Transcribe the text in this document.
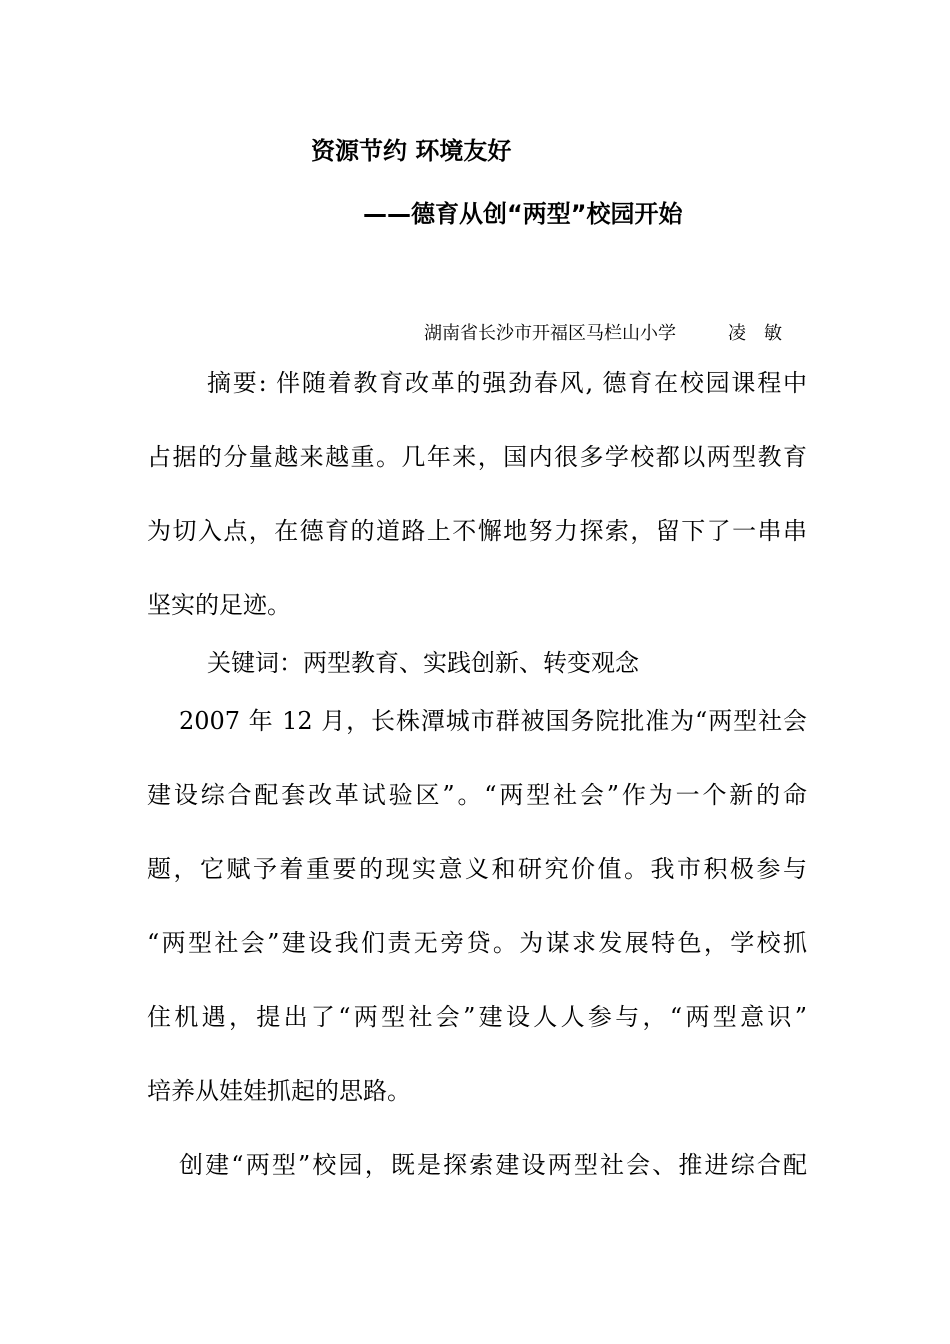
资源节约 环境友好
——德育从创“两型”校园开始
湖南省长沙市开福区马栏山小学	凌　敏
摘要: 伴随着教育改革的强劲春风, 德育在校园课程中
占据的分量越来越重。几年来，国内很多学校都以两型教育
为切入点，在德育的道路上不懈地努力探索，留下了一串串
坚实的足迹。
关键词：两型教育、实践创新、转变观念
2007 年 12 月，长株潭城市群被国务院批准为“两型社会
建设综合配套改革试验区”。“两型社会”作为一个新的命
题，它赋予着重要的现实意义和研究价值。我市积极参与
“两型社会”建设我们责无旁贷。为谋求发展特色，学校抓
住机遇，提出了“两型社会”建设人人参与，“两型意识”
培养从娃娃抓起的思路。
创建“两型”校园，既是探索建设两型社会、推进综合配
